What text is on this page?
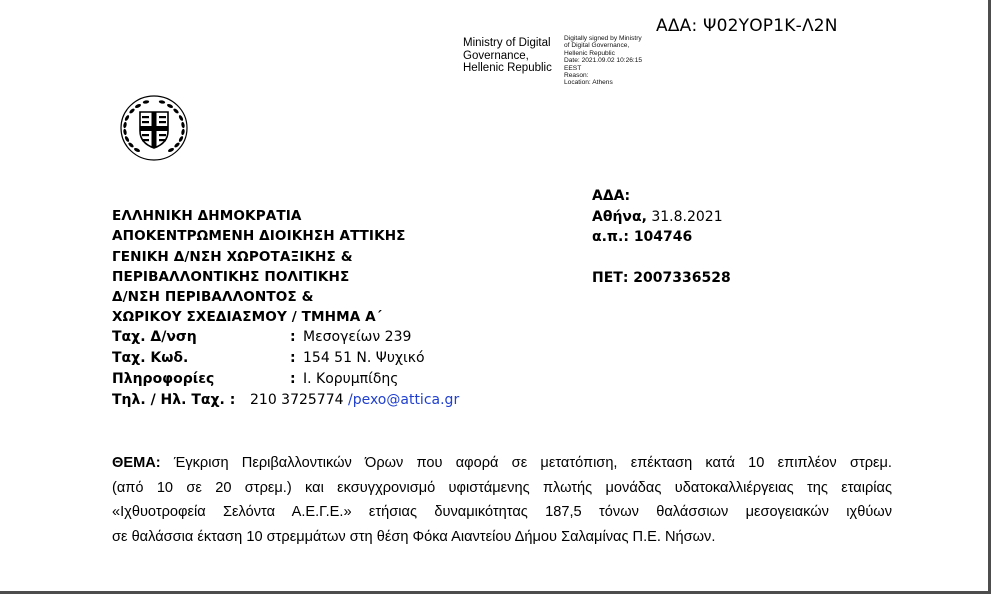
ΑΔΑ: Ψ02ΥΟΡ1Κ-Λ2Ν
Ministry of Digital
Governance,
Hellenic Republic
Digitally signed by Ministry
of Digital Governance,
Hellenic Republic
Date: 2021.09.02 10:26:15
EEST
Reason:
Location: Athens
ΕΛΛΗΝΙΚΗ ΔΗΜΟΚΡΑΤΙΑ
ΑΠΟΚΕΝΤΡΩΜΕΝΗ ΔΙΟΙΚΗΣΗ ΑΤΤΙΚΗΣ
ΓΕΝΙΚΗ Δ/ΝΣΗ ΧΩΡΟΤΑΞΙΚΗΣ &
ΠΕΡΙΒΑΛΛΟΝΤΙΚΗΣ ΠΟΛΙΤΙΚΗΣ
Δ/ΝΣΗ ΠΕΡΙΒΑΛΛΟΝΤΟΣ &
ΧΩΡΙΚΟΥ ΣΧΕΔΙΑΣΜΟΥ / ΤΜΗΜΑ Α΄
Ταχ. Δ/νση	: Μεσογείων 239
Ταχ. Κωδ.	: 154 51 Ν. Ψυχικό
Πληροφορίες	: Ι. Κορυμπίδης
Τηλ. / Ηλ. Ταχ. : 210 3725774 /pexo@attica.gr
ΑΔΑ:
Αθήνα, 31.8.2021
α.π.: 104746
ΠΕΤ: 2007336528
ΘΕΜΑ: Έγκριση Περιβαλλοντικών Όρων που αφορά σε μετατόπιση, επέκταση κατά 10 επιπλέον στρεμ.
(από 10 σε 20 στρεμ.) και εκσυγχρονισμό υφιστάμενης πλωτής μονάδας υδατοκαλλιέργειας της εταιρίας
«Ιχθυοτροφεία Σελόντα Α.Ε.Γ.Ε.» ετήσιας δυναμικότητας 187,5 τόνων θαλάσσιων μεσογειακών ιχθύων
σε θαλάσσια έκταση 10 στρεμμάτων στη θέση Φόκα Αιαντείου Δήμου Σαλαμίνας Π.Ε. Νήσων.
